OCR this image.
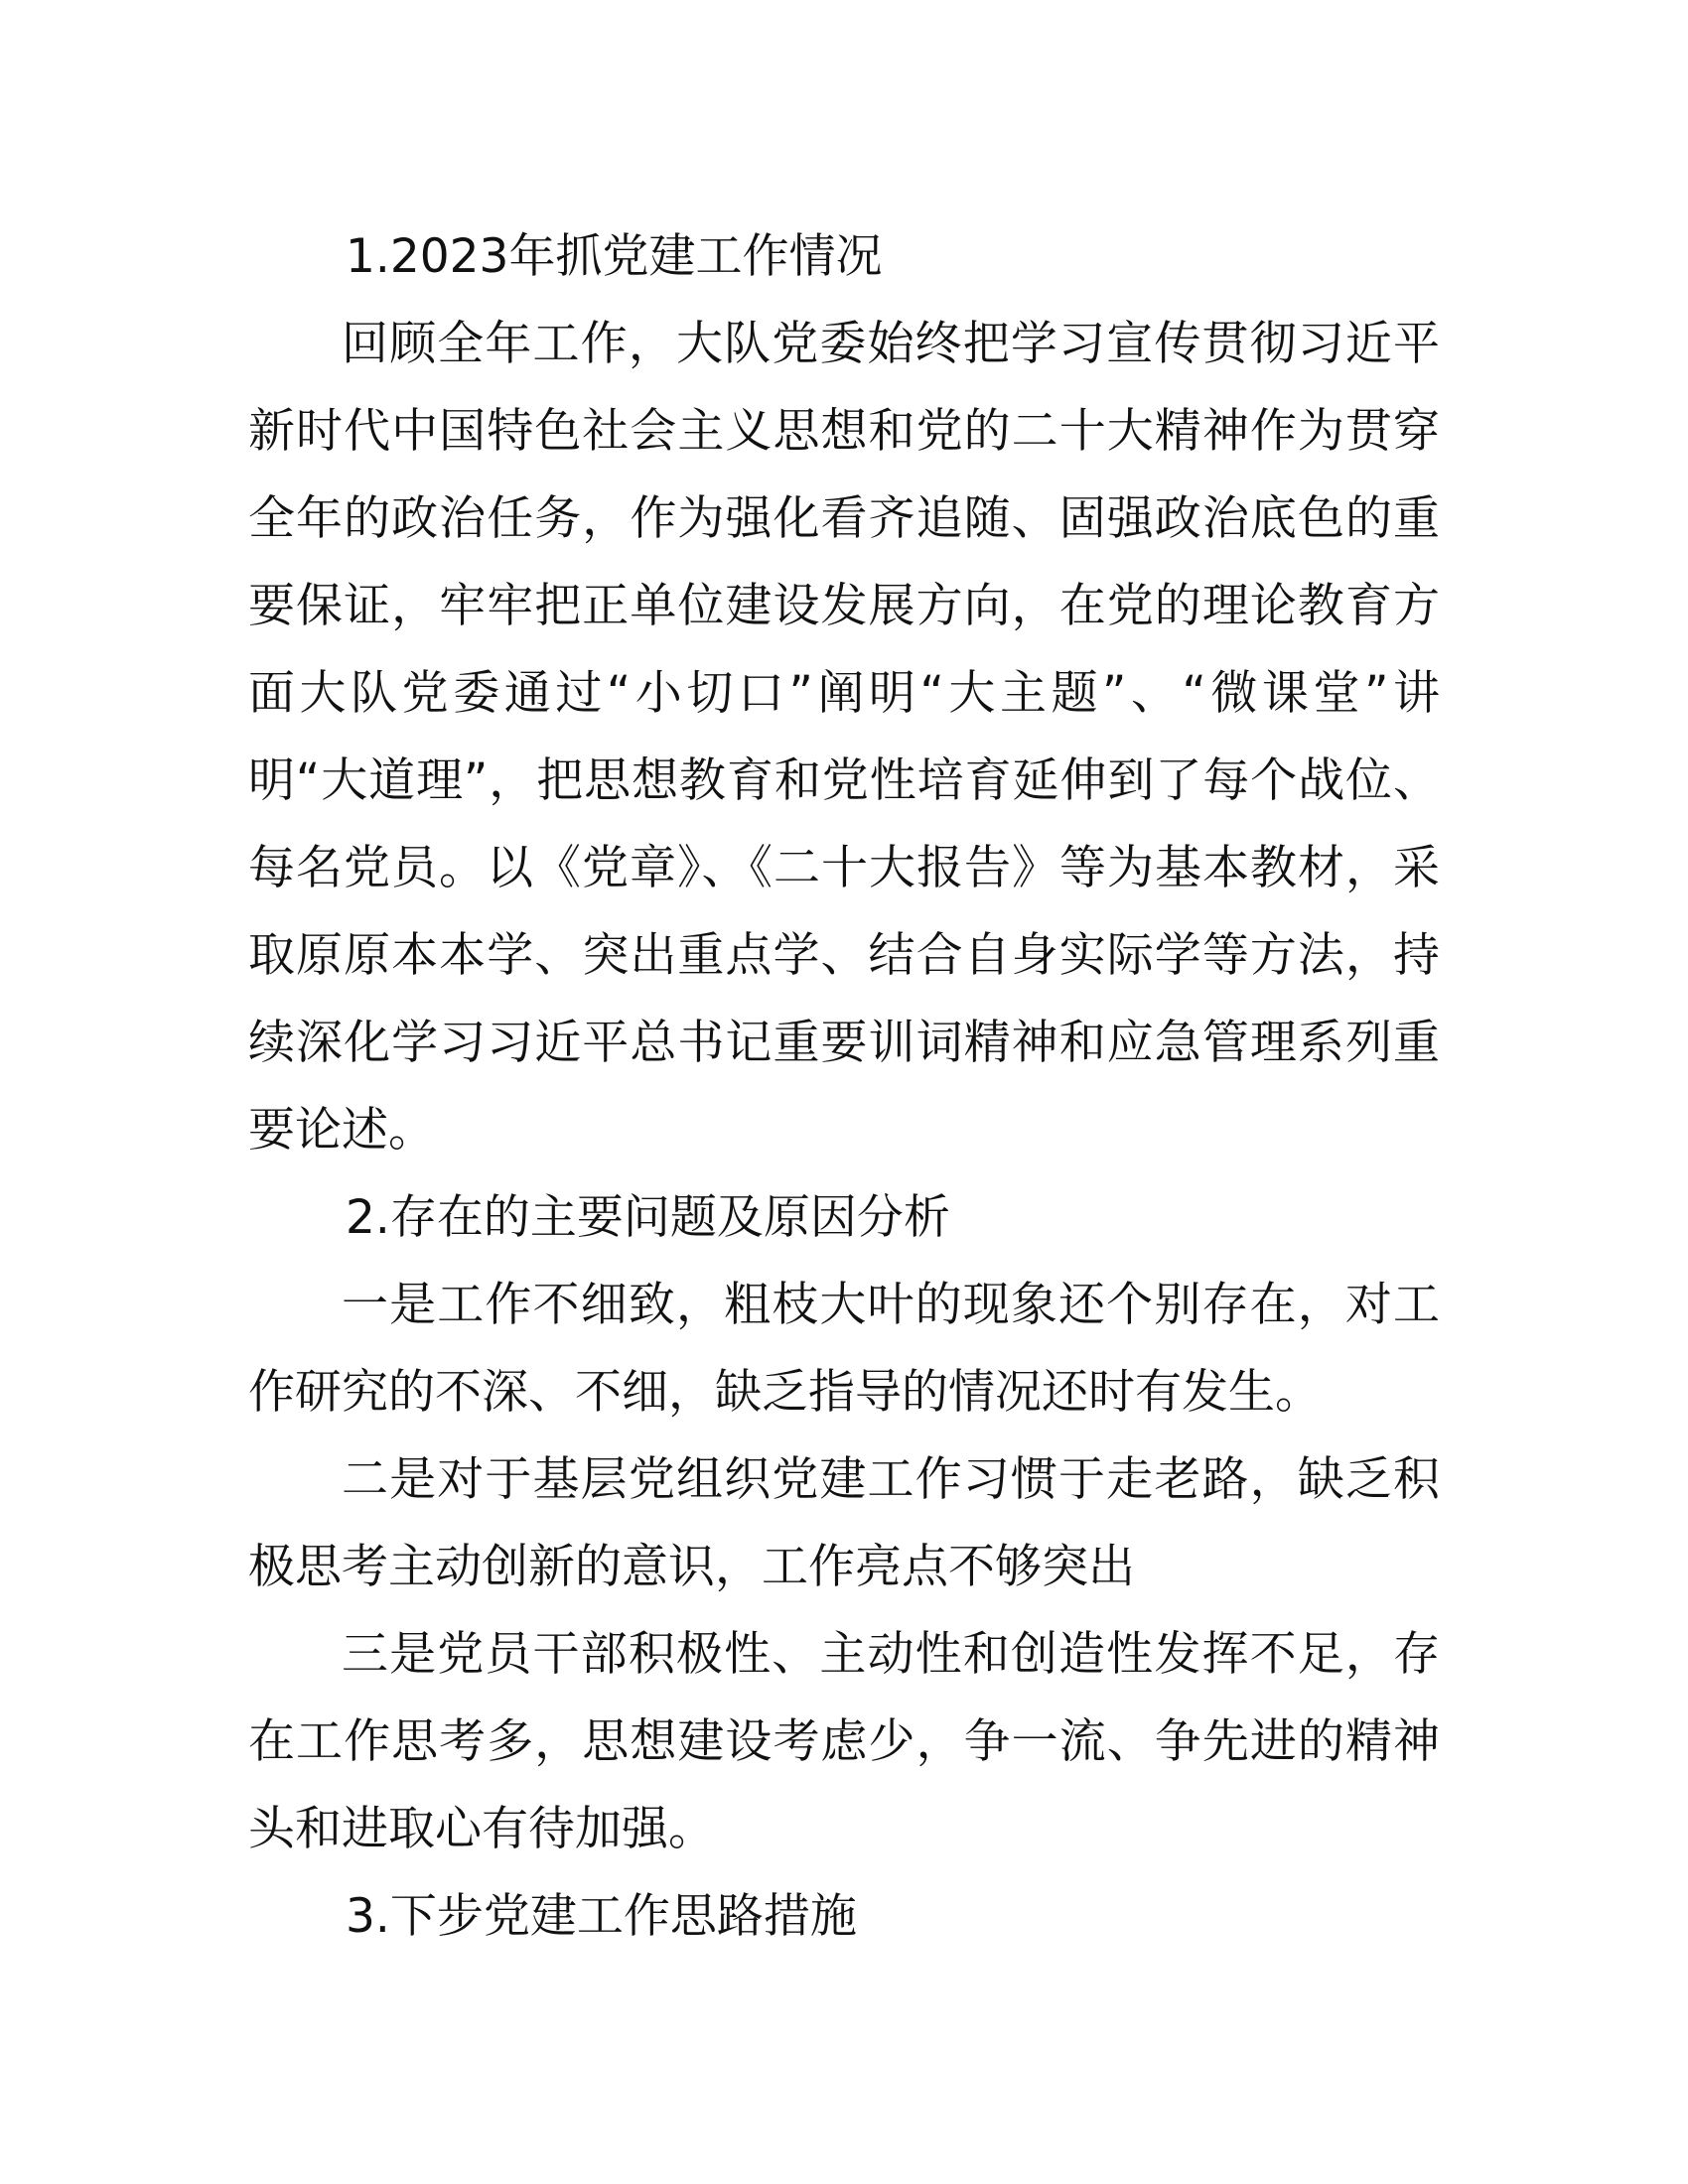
1.2023年抓党建工作情况

回顾全年工作，大队党委始终把学习宣传贯彻习近平新时代中国特色社会主义思想和党的二十大精神作为贯穿全年的政治任务，作为强化看齐追随、固强政治底色的重要保证，牢牢把正单位建设发展方向，在党的理论教育方面大队党委通过“小切口”阐明“大主题”、“微课堂”讲明“大道理”，把思想教育和党性培育延伸到了每个战位、每名党员。以《党章》、《二十大报告》等为基本教材，采取原原本本学、突出重点学、结合自身实际学等方法，持续深化学习习近平总书记重要训词精神和应急管理系列重要论述。

2.存在的主要问题及原因分析

一是工作不细致，粗枝大叶的现象还个别存在，对工作研究的不深、不细，缺乏指导的情况还时有发生。

二是对于基层党组织党建工作习惯于走老路，缺乏积极思考主动创新的意识，工作亮点不够突出

三是党员干部积极性、主动性和创造性发挥不足，存在工作思考多，思想建设考虑少，争一流、争先进的精神头和进取心有待加强。

3.下步党建工作思路措施
